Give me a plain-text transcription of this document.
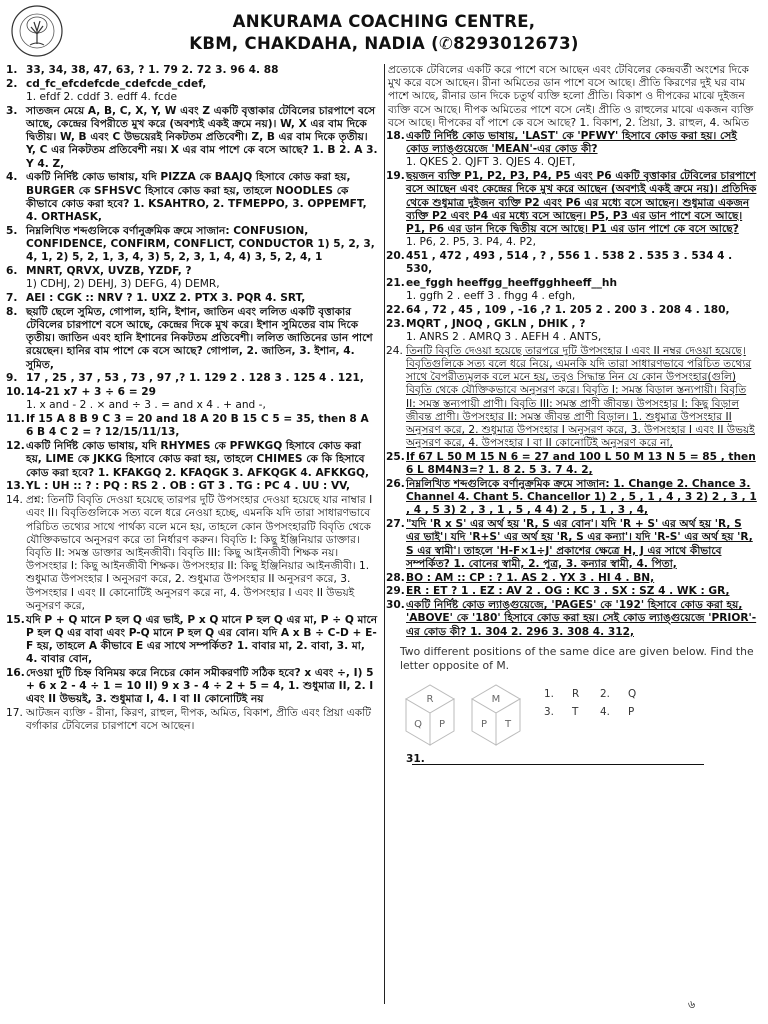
ANKURAMA COACHING CENTRE,
KBM, CHAKDAHA, NADIA (✆8293012673)
1. 33, 34, 38, 47, 63, ? 1. 79 2. 72 3. 96 4. 88
2. cd_fc_efcdefcde_cdefcde_cdef,
1. efdf 2. cddf 3. edff 4. fcde
3. সাতজন মেয়ে A, B, C, X, Y, W এবং Z একটি বৃত্তাকার টেবিলের চারপাশে বসে আছে, কেন্দ্রের বিপরীতে মুখ করে (অবশ্যই একই ক্রমে নয়)। W, X এর বাম দিকে দ্বিতীয়। W, B এবং C উভয়েরই নিকটতম প্রতিবেশী। Z, B এর বাম দিকে তৃতীয়। Y, C এর নিকটতম প্রতিবেশী নয়। X এর বাম পাশে কে বসে আছে? 1. B 2. A 3. Y 4. Z,
4. একটি নির্দিষ্ট কোড ভাষায়, যদি PIZZA কে BAAJQ হিসাবে কোড করা হয়, BURGER কে SFHSVC হিসাবে কোড করা হয়, তাহলে NOODLES কে কীভাবে কোড করা হবে? 1. KSAHTRO, 2. TFMEPPO, 3. OPPEMFT, 4. ORTHASK,
5. নিম্নলিখিত শব্দগুলিকে বর্ণানুক্রমিক ক্রমে সাজান: CONFUSION, CONFIDENCE, CONFIRM, CONFLICT, CONDUCTOR 1) 5, 2, 3, 4, 1, 2) 5, 2, 1, 3, 4, 3) 5, 2, 3, 1, 4, 4) 3, 5, 2, 4, 1
6. MNRT, QRVX, UVZB, YZDF, ?
1) CDHJ, 2) DEHJ, 3) DEFG, 4) DEMR,
7. AEI : CGK :: NRV ? 1. UXZ 2. PTX 3. PQR 4. SRT,
8. ছয়টি ছেলে সুমিত, গোপাল, হানি, ইশান, জাতিন এবং ললিত একটি বৃত্তাকার টেবিলের চারপাশে বসে আছে, কেন্দ্রের দিকে মুখ করে। ইশান সুমিতের বাম দিকে তৃতীয়। জাতিন এবং হানি ইশানের নিকটতম প্রতিবেশী। ললিত জাতিনের ডান পাশে রয়েছেন। হানির বাম পাশে কে বসে আছে? গোপাল, 2. জাতিন, 3. ইশান, 4. সুমিত,
9. 17 , 25 , 37 , 53 , 73 , 97 ,? 1. 129 2 . 128 3 . 125 4 . 121,
10. 14-21 x7 + 3 ÷ 6 = 29
1. x and - 2 . × and ÷ 3 . = and x 4 . + and -,
11. If 15 A 8 B 9 C 3 = 20 and 18 A 20 B 15 C 5 = 35, then 8 A 6 B 4 C 2 = ? 12/15/11/13,
12. একটি নির্দিষ্ট কোড ভাষায়, যদি RHYMES কে PFWKGQ হিসাবে কোড করা হয়, LIME কে JKKG হিসাবে কোড করা হয়, তাহলে CHIMES কে কি হিসাবে কোড করা হবে? 1. KFAKGQ 2. KFAQGK 3. AFKQGK 4. AFKKGQ,
13. YL : UH :: ? : PQ : RS 2 . OB : GT 3 . TG : PC 4 . UU : VV,
14. প্রশ্ন: তিনটি বিবৃতি দেওয়া হয়েছে তারপর দুটি উপসংহার দেওয়া হয়েছে যার নাম্বার I এবং II। বিবৃতিগুলিকে সত্য বলে ধরে নেওয়া হচ্ছে, এমনকি যদি তারা সাধারণভাবে পরিচিত তথ্যের সাথে পার্থক্য বলে মনে হয়, তাহলে কোন উপসংহারটি বিবৃতি থেকে যৌক্তিকভাবে অনুসরণ করে তা নির্ধারণ করুন। বিবৃতি I: কিছু ইঞ্জিনিয়ার ডাক্তার। বিবৃতি II: সমস্ত ডাক্তার আইনজীবী। বিবৃতি III: কিছু আইনজীবী শিক্ষক নয়। উপসংহার I: কিছু আইনজীবী শিক্ষক। উপসংহার II: কিছু ইঞ্জিনিয়ার আইনজীবী। 1. শুধুমাত্র উপসংহার I অনুসরণ করে, 2. শুধুমাত্র উপসংহার II অনুসরণ করে, 3. উপসংহার I এবং II কোনোটিই অনুসরণ করে না, 4. উপসংহার I এবং II উভয়ই অনুসরণ করে,
15. যদি P + Q মানে P হল Q এর ভাই, P x Q মানে P হল Q এর মা, P ÷ Q মানে P হল Q এর বাবা এবং P-Q মানে P হল Q এর বোন। যদি A x B ÷ C-D + E-F হয়, তাহলে A কীভাবে E এর সাথে সম্পর্কিত? 1. বাবার মা, 2. বাবা, 3. মা, 4. বাবার বোন,
16. দেওয়া দুটি চিহ্ন বিনিময় করে নিচের কোন সমীকরণটি সঠিক হবে? x এবং ÷, I) 5 + 6 x 2 - 4 ÷ 1 = 10 II) 9 x 3 - 4 ÷ 2 + 5 = 4, 1. শুধুমাত্র II, 2. I এবং II উভয়ই, 3. শুধুমাত্র I, 4. I বা II কোনোটিই নয়
17. আটজন ব্যক্তি - রীনা, কিরণ, রাহুল, দীপক, অমিত, বিকাশ, প্রীতি এবং প্রিয়া একটি বর্গাকার টেবিলের চারপাশে বসে আছেন।
প্রত্যেকে টেবিলের একটি করে পাশে বসে আছেন এবং টেবিলের কেন্দ্রবর্তী অংশের দিকে মুখ করে বসে আছেন। রীনা অমিতের ডান পাশে বসে আছে। প্রীতি কিরণের দুই ঘর বাম পাশে আছে, রীনার ডান দিকে চতুর্থ ব্যক্তি হলো প্রীতি। বিকাশ ও দীপকের মাঝে দুইজন ব্যক্তি বসে আছে। দীপক অমিতের পাশে বসে নেই। প্রীতি ও রাহুলের মাঝে একজন ব্যক্তি বসে আছে। দীপকের বাঁ পাশে কে বসে আছে? 1. বিকাশ, 2. প্রিয়া, 3. রাহুল, 4. অমিত
18. একটি নির্দিষ্ট কোড ভাষায়, 'LAST' কে 'PFWY' হিসাবে কোড করা হয়। সেই কোড ল্যাঙ্গুয়েজে 'MEAN'-এর কোড কী?
1. QKES 2. QJFT 3. QJES 4. QJET,
19. ছয়জন ব্যক্তি P1, P2, P3, P4, P5 এবং P6 একটি বৃত্তাকার টেবিলের চারপাশে বসে আছেন এবং কেন্দ্রের দিকে মুখ করে আছেন (অবশ্যই একই ক্রমে নয়)। প্রতিদিক থেকে শুধুমাত্র দুইজন ব্যক্তি P2 এবং P6 এর মধ্যে বসে আছেন। শুধুমাত্র একজন ব্যক্তি P2 এবং P4 এর মধ্যে বসে আছেন। P5, P3 এর ডান পাশে বসে আছে। P1, P6 এর ডান দিকে দ্বিতীয় বসে আছে। P1 এর ডান পাশে কে বসে আছে?
1. P6, 2. P5, 3. P4, 4. P2,
20. 451 , 472 , 493 , 514 , ? , 556 1 . 538 2 . 535 3 . 534 4 . 530,
21. ee_fggh heeffgg_heeffgghheeff__hh
1. ggfh 2 . eeff 3 . fhgg 4 . efgh,
22. 64 , 72 , 45 , 109 , -16 ,? 1. 205 2 . 200 3 . 208 4 . 180,
23. MQRT , JNOQ , GKLN , DHIK , ?
1. ANRS 2 . AMRQ 3 . AEFH 4 . ANTS,
24. তিনটি বিবৃতি দেওয়া হয়েছে তারপরে দুটি উপসংহার I এবং II নম্বর দেওয়া হয়েছে। বিবৃতিগুলিকে সত্য বলে ধরে নিয়ে, এমনকি যদি তারা সাধারণভাবে পরিচিত তথ্যের সাথে বৈপরীত্যমূলক বলে মনে হয়, তবুও সিদ্ধান্ত নিন যে কোন উপসংহার(গুলি) বিবৃতি থেকে যৌক্তিকভাবে অনুসরণ করে। বিবৃতি I: সমস্ত বিড়াল স্তন্যপায়ী। বিবৃতি II: সমস্ত স্তন্যপায়ী প্রাণী। বিবৃতি III: সমস্ত প্রাণী জীবন্ত। উপসংহার I: কিছু বিড়াল জীবন্ত প্রাণী। উপসংহার II: সমস্ত জীবন্ত প্রাণী বিড়াল। 1. শুধুমাত্র উপসংহার II অনুসরণ করে, 2. শুধুমাত্র উপসংহার I অনুসরণ করে, 3. উপসংহার I এবং II উভয়ই অনুসরণ করে, 4. উপসংহার I বা II কোনোটিই অনুসরণ করে না,
25. If 67 L 50 M 15 N 6 = 27 and 100 L 50 M 13 N 5 = 85 , then 6 L 8M4N3=? 1. 8 2. 5 3. 7 4. 2,
26. নিম্নলিখিত শব্দগুলিকে বর্ণানুক্রমিক ক্রমে সাজান: 1. Change 2. Chance 3. Channel 4. Chant 5. Chancellor 1) 2 , 5 , 1 , 4 , 3 2) 2 , 3 , 1 , 4 , 5 3) 2 , 3 , 1 , 5 , 4 4) 2 , 5 , 1 , 3 , 4,
27. "যদি 'R x S' এর অর্থ হয় 'R, S এর বোন'। যদি 'R + S' এর অর্থ হয় 'R, S এর ভাই'। যদি 'R+S' এর অর্থ হয় 'R, S এর কন্যা'। যদি 'R-S' এর অর্থ হয় 'R, S এর স্বামী'। তাহলে 'H-F×1÷J' প্রকাশের ক্ষেত্রে H, J এর সাথে কীভাবে সম্পর্কিত? 1. বোনের স্বামী, 2. পুত্র, 3. কন্যার স্বামী, 4. পিতা,
28. BO : AM :: CP : ? 1. AS 2 . YX 3 . HI 4 . BN,
29. ER : ET ? 1 . EZ : AV 2 . OG : KC 3 . SX : SZ 4 . WK : GR,
30. একটি নির্দিষ্ট কোড ল্যাঙ্গুয়েজে, 'PAGES' কে '192' হিসাবে কোড করা হয়, 'ABOVE' কে '180' হিসাবে কোড করা হয়। সেই কোড ল্যাঙ্গুয়েজে 'PRIOR'-এর কোড কী? 1. 304 2. 296 3. 308 4. 312,
Two different positions of the same dice are given below. Find the letter opposite of M.
R
Q P
M
P T
1. R 2. Q
3. T 4. P
31.
৬
